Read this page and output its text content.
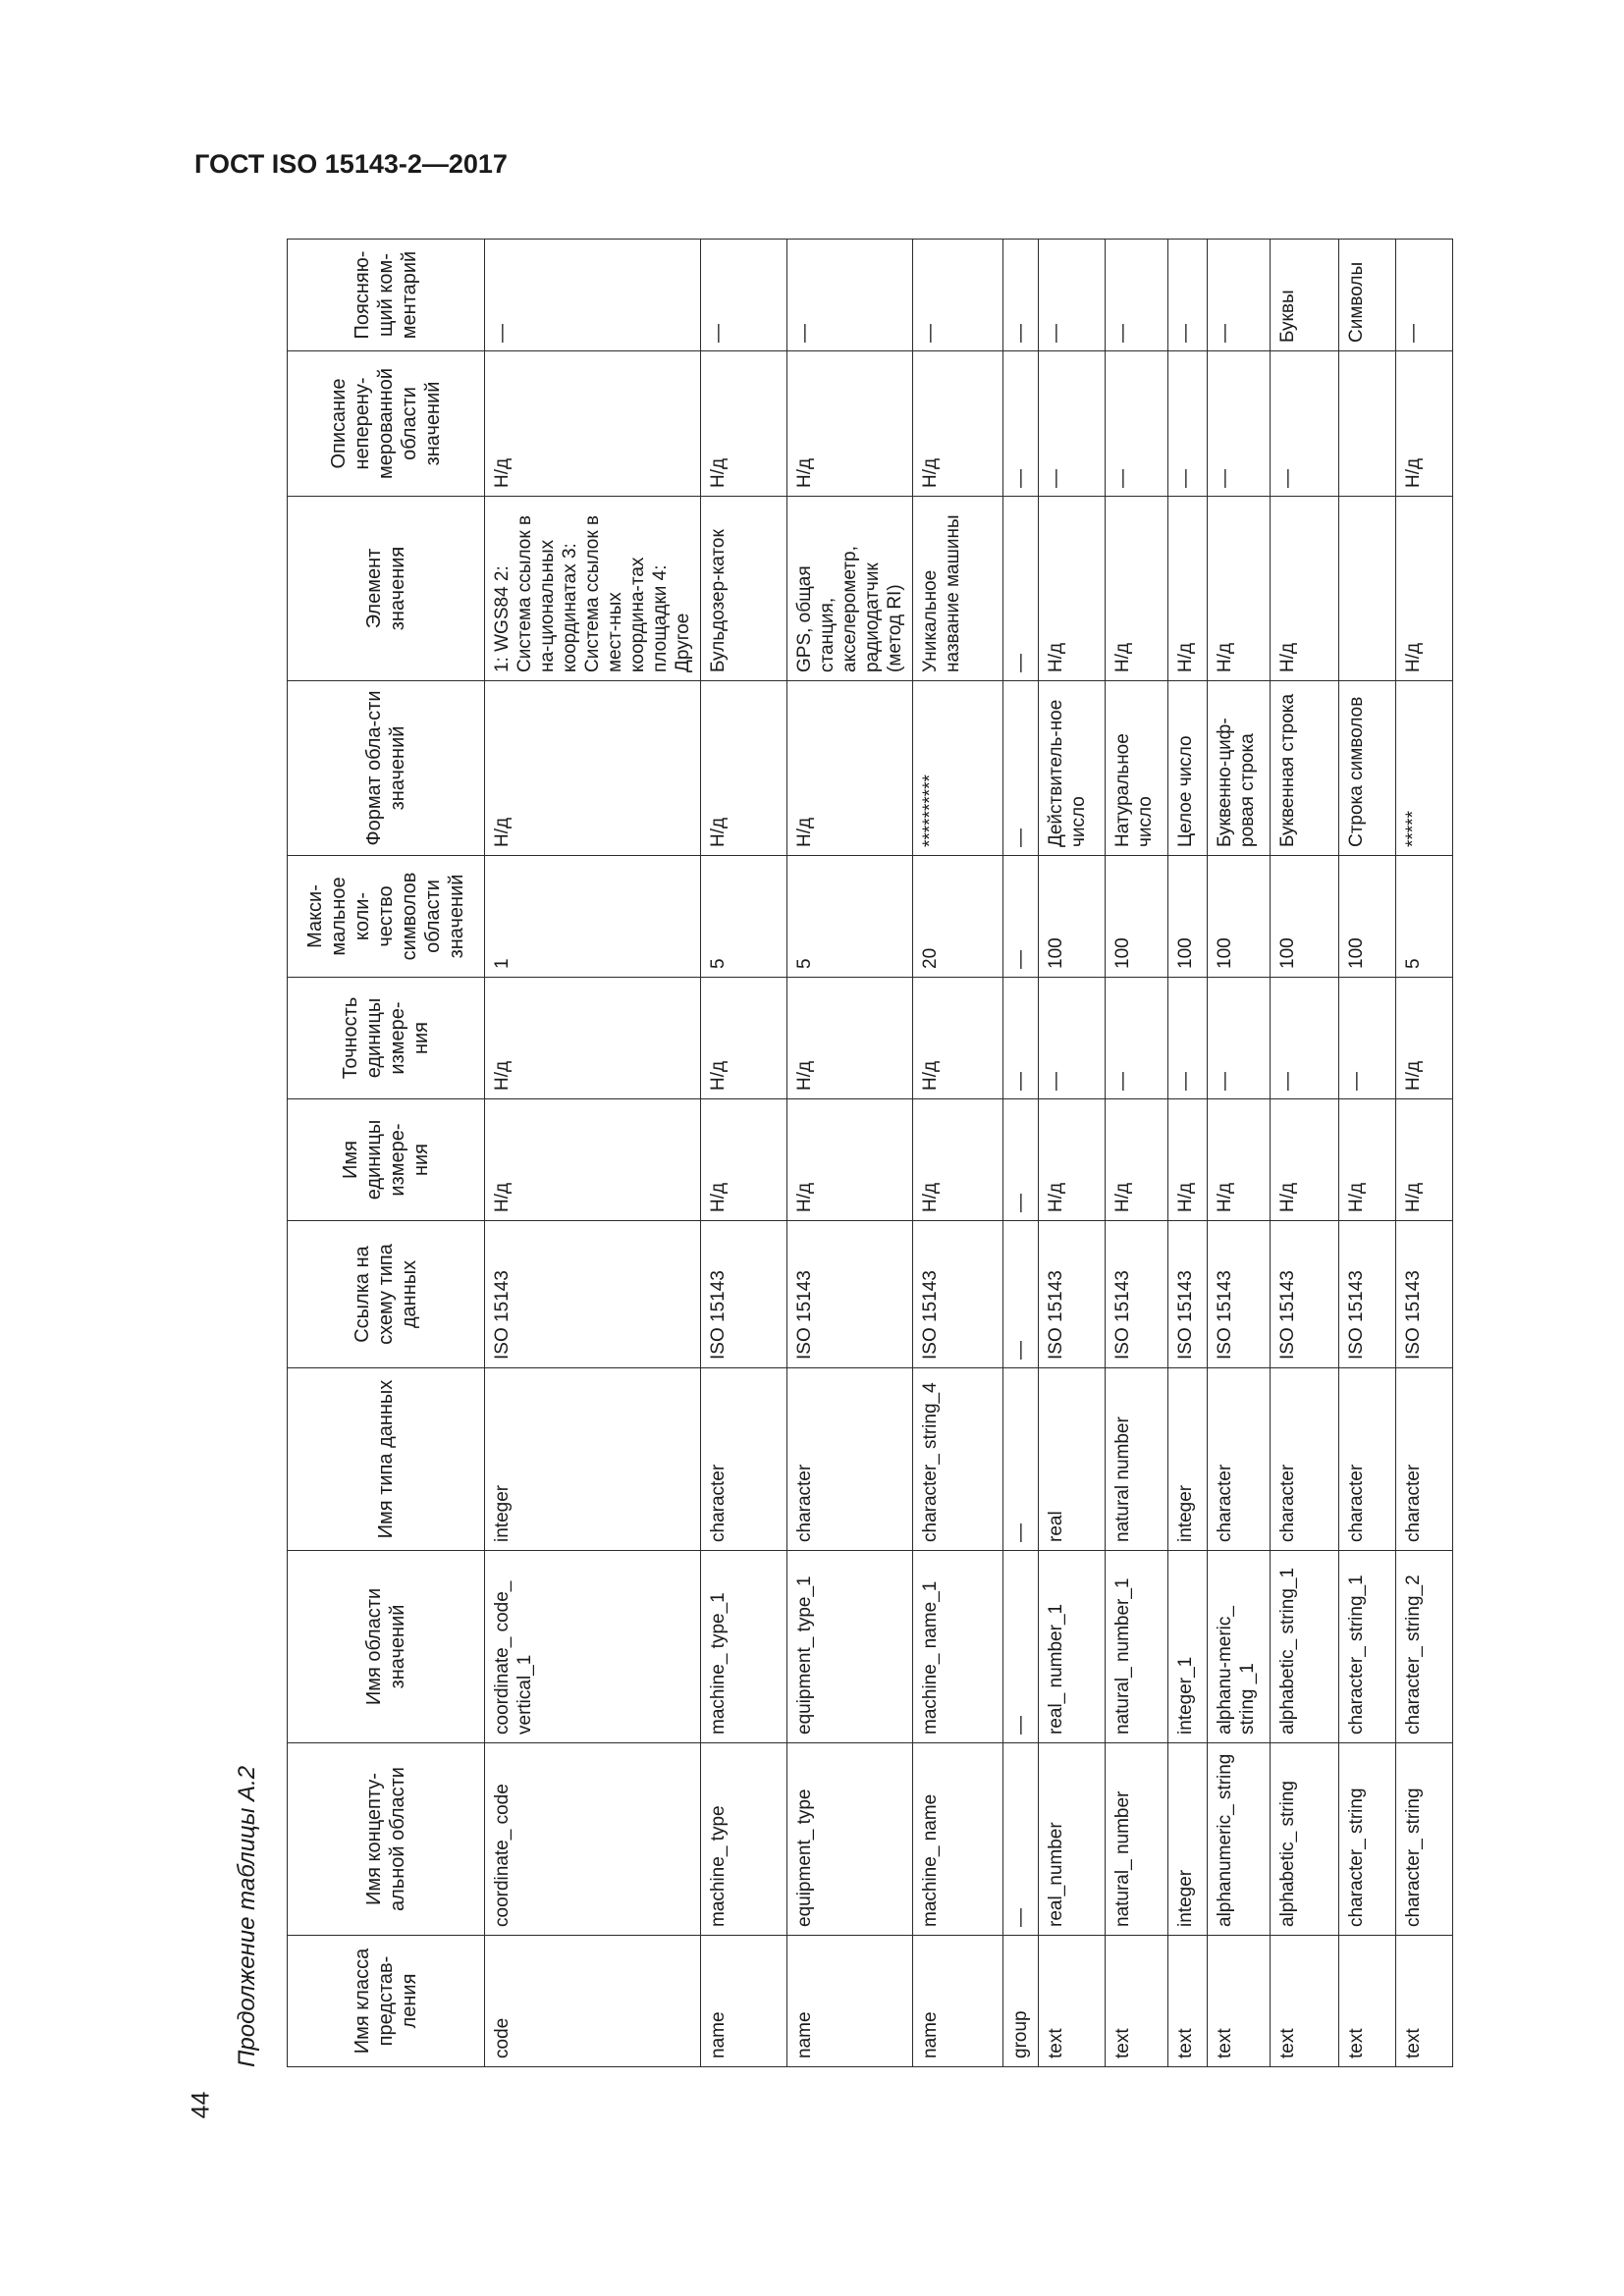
ГОСТ ISO 15143-2—2017
44
Продолжение таблицы А.2	Имя класса представ-ления	Имя концепту-альной области	Имя области значений	Имя типа данных	Ссылка на схему типа данных	Имя единицы измере-ния	Точность единицы измере-ния	Макси-мальное коли-чество символов области значений	Формат обла-сти значений	Элемент значения	Описание неперену-мерованной области значений	Поясняю-щий ком-ментарий
code	coordinate_ code	coordinate_ code_ vertical_1	integer	ISO 15143	Н/д	Н/д	1	Н/д	1: WGS84 2: Система ссылок в на-циональных координатах 3: Система ссылок в мест-ных координа-тах площадки 4: Другое	Н/д	—
name	machine_ type	machine_ type_1	character	ISO 15143	Н/д	Н/д	5	Н/д	Бульдозер-каток	Н/д	—
name	equipment_ type	equipment_ type_1	character	ISO 15143	Н/д	Н/д	5	Н/д	GPS, общая станция, акселерометр, радиодатчик (метод RI)	Н/д	—
name	machine_ name	machine_ name_1	character_ string_4	ISO 15143	Н/д	Н/д	20	**********	Уникальное название машины	Н/д	—
group	—	—	—	—	—	—	—	—	—	—	—
text	real_number	real_ number_1	real	ISO 15143	Н/д	—	100	Действитель-ное число	Н/д	—	—
text	natural_ number	natural_ number_1	natural number	ISO 15143	Н/д	—	100	Натуральное число	Н/д	—	—
text	integer	integer_1	integer	ISO 15143	Н/д	—	100	Целое число	Н/д	—	—
text	alphanumeric_ string	alphanu-meric_ string _1	character	ISO 15143	Н/д	—	100	Буквенно-циф-ровая строка	Н/д	—	—
text	alphabetic_ string	alphabetic_ string_1	character	ISO 15143	Н/д	—	100	Буквенная строка	Н/д	—	Буквы
text	character_ string	character_ string_1	character	ISO 15143	Н/д	—	100	Строка символов			Символы
text	character_ string	character_ string_2	character	ISO 15143	Н/д	Н/д	5	*****	Н/д	Н/д	—
